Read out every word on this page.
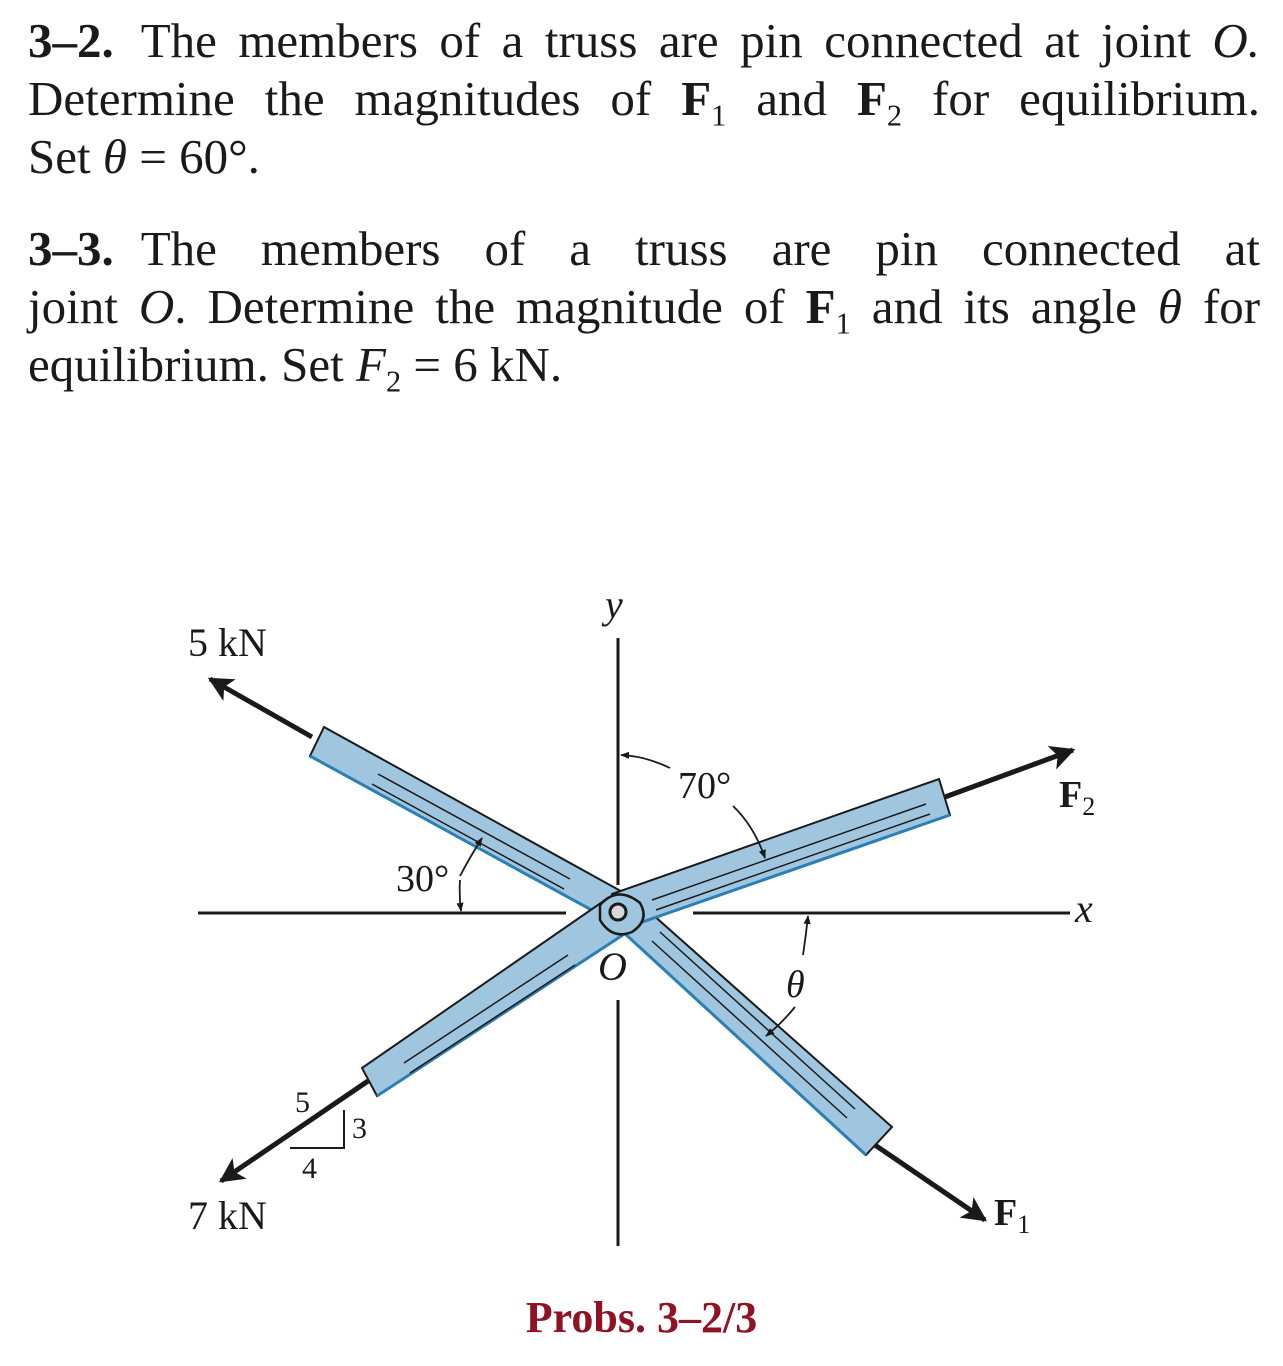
3–2. The members of a truss are pin connected at joint O.
Determine the magnitudes of $F_1$ and $F_2$ for equilibrium.
Set θ = 60°.
3–3. The members of a truss are pin connected at
joint O. Determine the magnitude of $F_1$ and its angle θ for
equilibrium. Set $F_2 = 6$ kN.
5 kN
7 kN
y
x
70°
30°
θ
O
$F_2$
$F_1$
5
4
3
Probs. 3–2/3
